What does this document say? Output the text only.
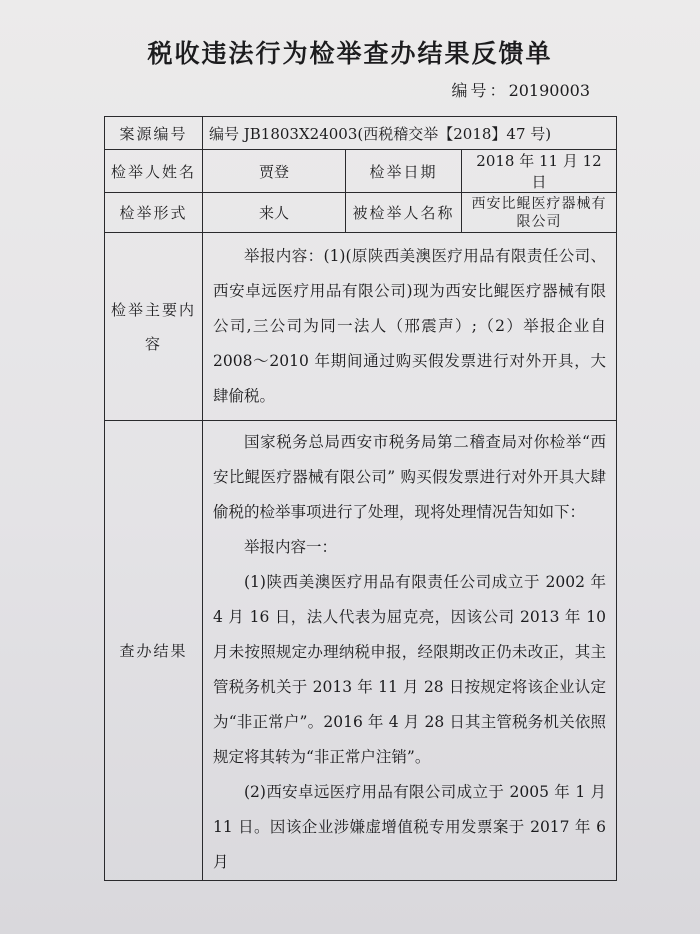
税收违法行为检举查办结果反馈单
编号：20190003
案源编号	编号 JB1803X24003(西税稽交举【2018】47 号)		
检举人姓名	贾登	检举日期	2018 年 11 月 12 日
检举形式	来人	被检举人名称	西安比鲲医疗器械有限公司
检举主要内容	举报内容：(1)(原陕西美澳医疗用品有限责任公司、西安卓远医疗用品有限公司)现为西安比鲲医疗器械有限公司,三公司为同一法人（邢震声）;（2）举报企业自2008～2010 年期间通过购买假发票进行对外开具，大肆偷税。		

查办结果	国家税务总局西安市税务局第二稽查局对你检举“西安比鲲医疗器械有限公司” 购买假发票进行对外开具大肆偷税的检举事项进行了处理，现将处理情况告知如下：

举报内容一：

(1)陕西美澳医疗用品有限责任公司成立于 2002 年 4 月 16 日，法人代表为屈克亮，因该公司 2013 年 10 月未按照规定办理纳税申报，经限期改正仍未改正，其主管税务机关于 2013 年 11 月 28 日按规定将该企业认定为“非正常户”。2016 年 4 月 28 日其主管税务机关依照规定将其转为“非正常户注销”。

(2)西安卓远医疗用品有限公司成立于 2005 年 1 月 11 日。因该企业涉嫌虚增值税专用发票案于 2017 年 6 月		
